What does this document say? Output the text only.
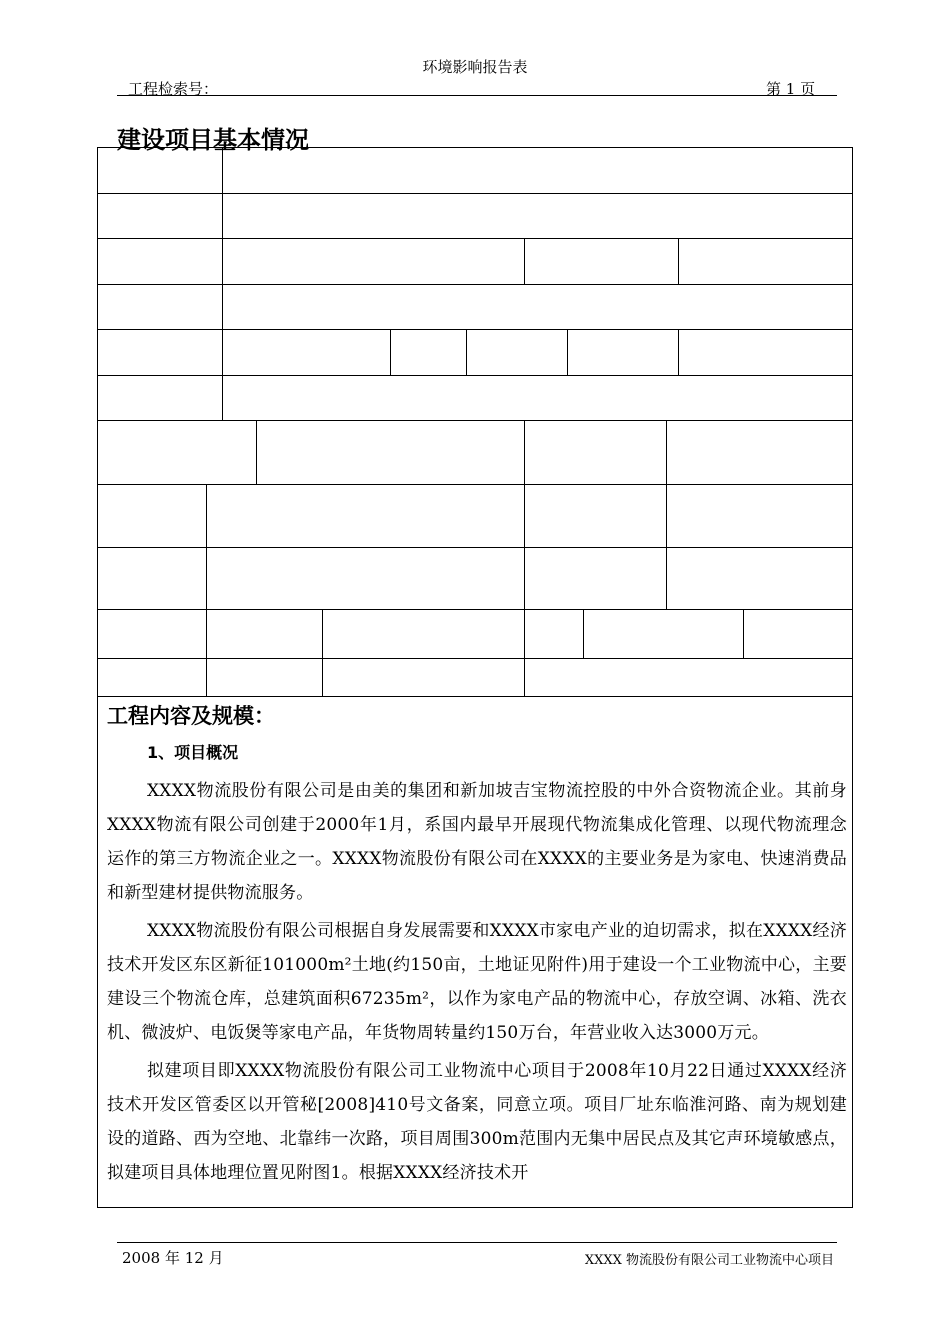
环境影响报告表
工程检索号：	第 1 页
建设项目基本情况
工程内容及规模：
1、项目概况

XXXX物流股份有限公司是由美的集团和新加坡吉宝物流控股的中外合资物流企业。其前身XXXX物流有限公司创建于2000年1月，系国内最早开展现代物流集成化管理、以现代物流理念运作的第三方物流企业之一。XXXX物流股份有限公司在XXXX的主要业务是为家电、快速消费品和新型建材提供物流服务。

XXXX物流股份有限公司根据自身发展需要和XXXX市家电产业的迫切需求，拟在XXXX经济技术开发区东区新征101000m²土地(约150亩，土地证见附件)用于建设一个工业物流中心，主要建设三个物流仓库，总建筑面积67235m²，以作为家电产品的物流中心，存放空调、冰箱、洗衣机、微波炉、电饭煲等家电产品，年货物周转量约150万台，年营业收入达3000万元。

拟建项目即XXXX物流股份有限公司工业物流中心项目于2008年10月22日通过XXXX经济技术开发区管委区以开管秘[2008]410号文备案，同意立项。项目厂址东临淮河路、南为规划建设的道路、西为空地、北靠纬一次路，项目周围300m范围内无集中居民点及其它声环境敏感点，拟建项目具体地理位置见附图1。根据XXXX经济技术开

2008 年 12 月	XXXX 物流股份有限公司工业物流中心项目
